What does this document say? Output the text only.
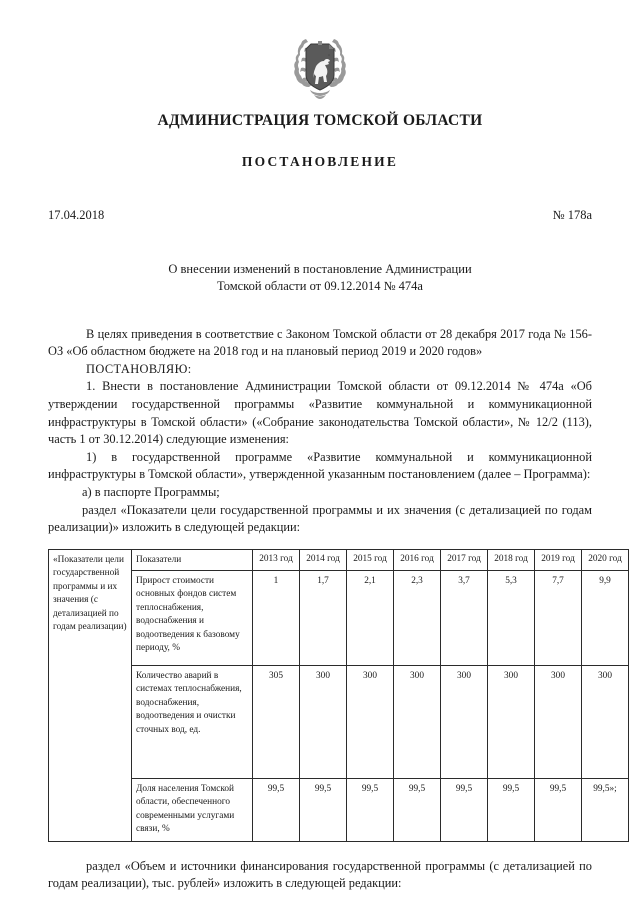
АДМИНИСТРАЦИЯ ТОМСКОЙ ОБЛАСТИ
ПОСТАНОВЛЕНИЕ
17.04.2018	№ 178а
О внесении изменений в постановление Администрации
Томской области от 09.12.2014 № 474а

В целях приведения в соответствие с Законом Томской области от 28 декабря 2017 года № 156-ОЗ «Об областном бюджете на 2018 год и на плановый период 2019 и 2020 годов»

ПОСТАНОВЛЯЮ:

1. Внести в постановление Администрации Томской области от 09.12.2014 № 474а «Об утверждении государственной программы «Развитие коммунальной и коммуникационной инфраструктуры в Томской области» («Собрание законодательства Томской области», № 12/2 (113), часть 1 от 30.12.2014) следующие изменения:

1) в государственной программе «Развитие коммунальной и коммуникационной инфраструктуры в Томской области», утвержденной указанным постановлением (далее – Программа):

а) в паспорте Программы;

раздел «Показатели цели государственной программы и их значения (с детализацией по годам реализации)» изложить в следующей редакции:

«Показатели цели государственной программы и их значения (с детализацией по годам реализации)	Показатели	2013 год	2014 год	2015 год	2016 год	2017 год	2018 год	2019 год	2020 год
	Прирост стоимости основных фондов систем теплоснабжения, водоснабжения и водоотведения к базовому периоду, %	1	1,7	2,1	2,3	3,7	5,3	7,7	9,9
	Количество аварий в системах теплоснабжения, водоснабжения, водоотведения и очистки сточных вод, ед.	305	300	300	300	300	300	300	300
	Доля населения Томской области, обеспеченного современными услугами связи, %	99,5	99,5	99,5	99,5	99,5	99,5	99,5	99,5»;

раздел «Объем и источники финансирования государственной программы (с детализацией по годам реализации), тыс. рублей» изложить в следующей редакции:
